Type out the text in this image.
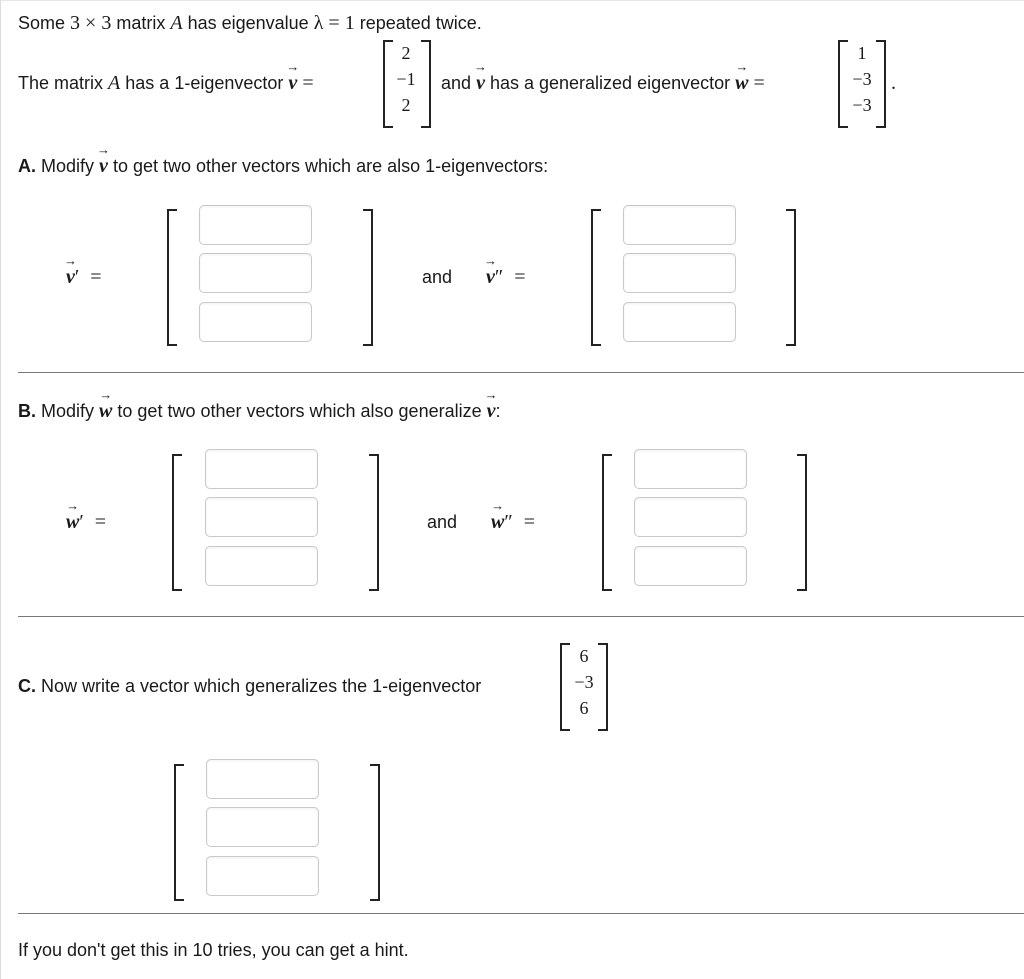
Some 3 × 3 matrix A has eigenvalue λ = 1 repeated twice.
The matrix A has a 1-eigenvector → v =
2
−1
2
and → v has a generalized eigenvector → w =
1
−3
−3
.
A. Modify → v to get two other vectors which are also 1-eigenvectors:
→ v′ =	and → v″ =
B. Modify → w to get two other vectors which also generalize → v:
→ w′ =	and → w″ =
C. Now write a vector which generalizes the 1-eigenvector
6
−3
6
If you don't get this in 10 tries, you can get a hint.
